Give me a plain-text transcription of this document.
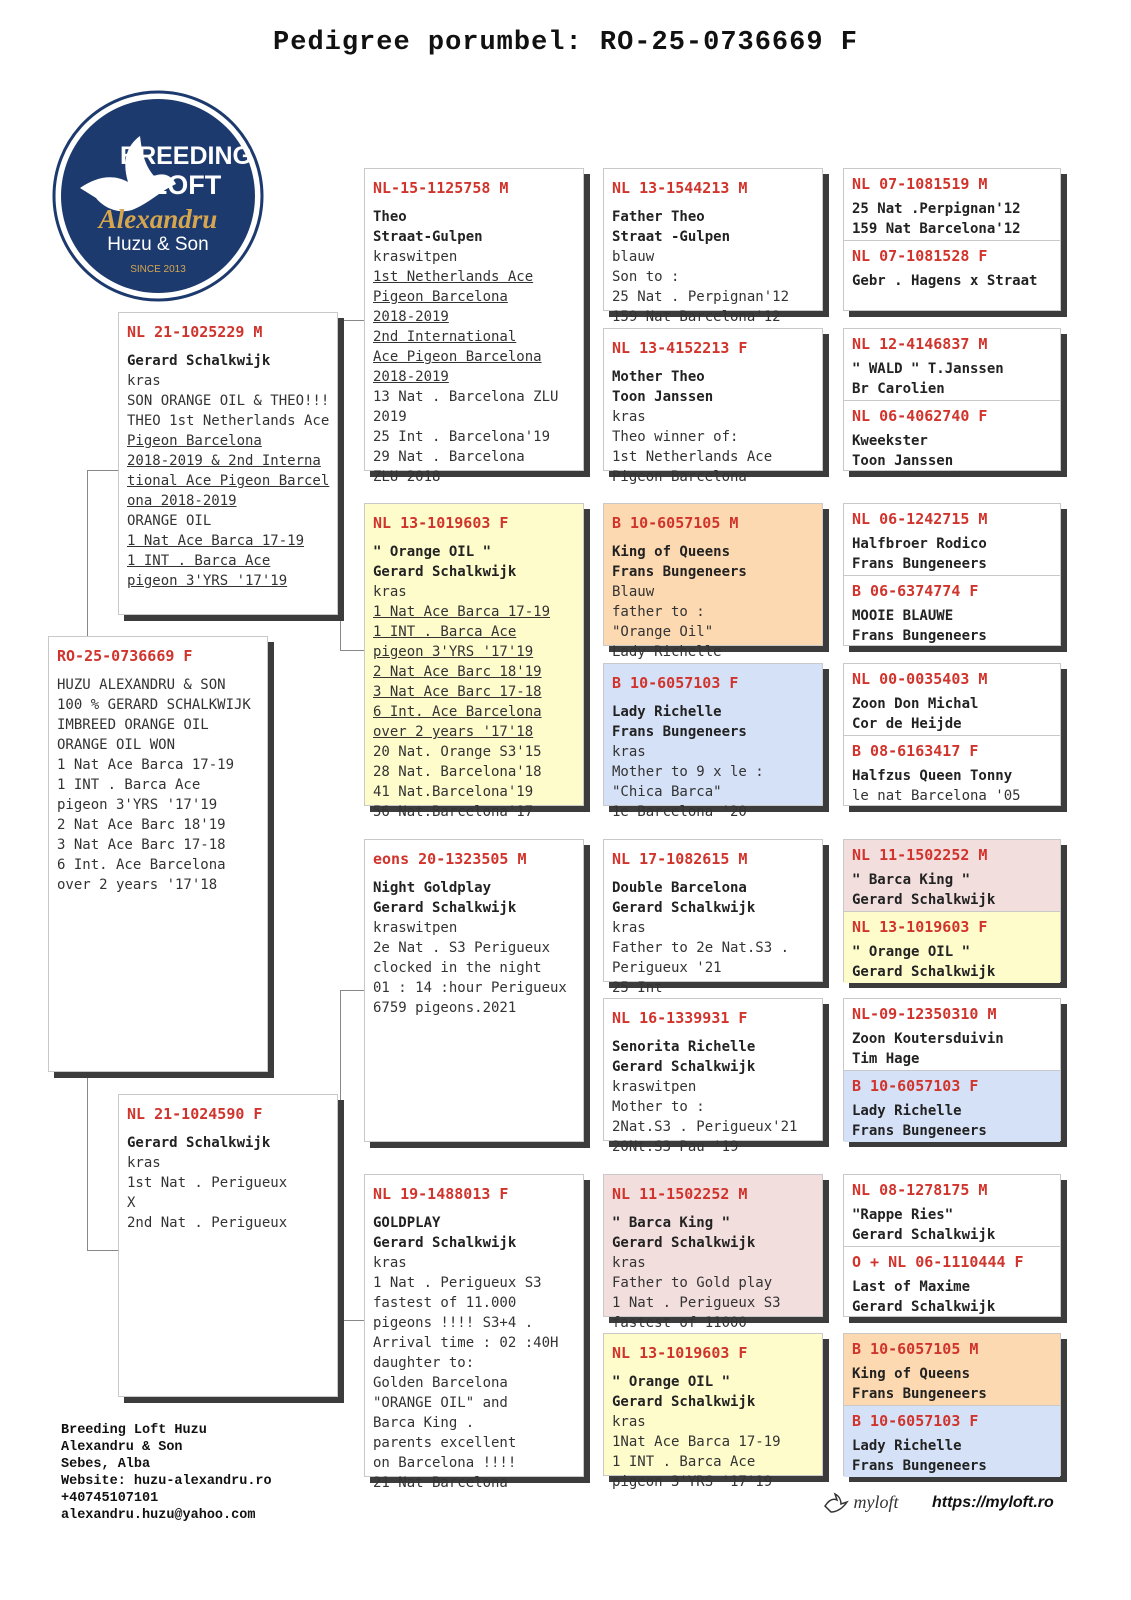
Pedigree porumbel: RO-25-0736669 F
BREEDING
LOFT
Alexandru
Huzu & Son
SINCE 2013
RO-25-0736669 F
HUZU ALEXANDRU & SON
100 % GERARD SCHALKWIJK
IMBREED ORANGE OIL
ORANGE OIL WON
1 Nat Ace Barca 17-19
1 INT . Barca Ace
pigeon 3'YRS '17'19
2 Nat Ace Barc 18'19
3 Nat Ace Barc 17-18
6 Int. Ace Barcelona
over 2 years '17'18
NL 21-1025229 M
Gerard Schalkwijk
kras
SON ORANGE OIL & THEO!!!
THEO 1st Netherlands Ace
Pigeon Barcelona
2018-2019 & 2nd Interna
tional Ace Pigeon Barcel
ona 2018-2019
ORANGE OIL
1 Nat Ace Barca 17-19
1 INT . Barca Ace
pigeon 3'YRS '17'19
NL 21-1024590 F
Gerard Schalkwijk
kras
1st Nat . Perigueux
X
2nd Nat . Perigueux
NL-15-1125758 M
Theo
Straat-Gulpen
kraswitpen
1st Netherlands Ace
Pigeon Barcelona
2018-2019
2nd International
Ace Pigeon Barcelona
2018-2019
13 Nat . Barcelona ZLU
2019
25 Int . Barcelona'19
29 Nat . Barcelona
ZLU 2018
NL 13-1019603 F
" Orange OIL "
Gerard Schalkwijk
kras
1 Nat Ace Barca 17-19
1 INT . Barca Ace
pigeon 3'YRS '17'19
2 Nat Ace Barc 18'19
3 Nat Ace Barc 17-18
6 Int. Ace Barcelona
over 2 years '17'18
20 Nat. Orange S3'15
28 Nat. Barcelona'18
41 Nat.Barcelona'19
56 Nat.Barcelona'17
eons 20-1323505 M
Night Goldplay
Gerard Schalkwijk
kraswitpen
2e Nat . S3 Perigueux
clocked in the night
01 : 14 :hour Perigueux
6759 pigeons.2021
NL 19-1488013 F
GOLDPLAY
Gerard Schalkwijk
kras
1 Nat . Perigueux S3
fastest of 11.000
pigeons !!!! S3+4 .
Arrival time : 02 :40H
daughter to:
Golden Barcelona
"ORANGE OIL" and
Barca King .
parents excellent
on Barcelona !!!!
21 Nat Barcelona
NL 13-1544213 M
Father Theo
Straat -Gulpen
blauw
Son to :
25 Nat . Perpignan'12
159 Nat Barcelona'12
NL 13-4152213 F
Mother Theo
Toon Janssen
kras
Theo winner of:
1st Netherlands Ace
Pigeon Barcelona
B 10-6057105 M
King of Queens
Frans Bungeneers
Blauw
father to :
"Orange Oil"
Lady Richelle
B 10-6057103 F
Lady Richelle
Frans Bungeneers
kras
Mother to 9 x le :
"Chica Barca"
1e Barcelona '20
NL 17-1082615 M
Double Barcelona
Gerard Schalkwijk
kras
Father to 2e Nat.S3 .
Perigueux '21
25 Int
NL 16-1339931 F
Senorita Richelle
Gerard Schalkwijk
kraswitpen
Mother to :
2Nat.S3 . Perigueux'21
20Nt.S3 Pau '19
NL 11-1502252 M
" Barca King "
Gerard Schalkwijk
kras
Father to Gold play
1 Nat . Perigueux S3
fastest of 11000
NL 13-1019603 F
" Orange OIL "
Gerard Schalkwijk
kras
1Nat Ace Barca 17-19
1 INT . Barca Ace
pigeon 3'YRS '17'19
NL 07-1081519 M
25 Nat .Perpignan'12
159 Nat Barcelona'12
NL 07-1081528 F
Gebr . Hagens x Straat
NL 12-4146837 M
" WALD " T.Janssen
Br Carolien
NL 06-4062740 F
Kweekster
Toon Janssen
NL 06-1242715 M
Halfbroer Rodico
Frans Bungeneers
B 06-6374774 F
MOOIE BLAUWE
Frans Bungeneers
NL 00-0035403 M
Zoon Don Michal
Cor de Heijde
B 08-6163417 F
Halfzus Queen Tonny
le nat Barcelona '05
NL 11-1502252 M
" Barca King "
Gerard Schalkwijk
NL 13-1019603 F
" Orange OIL "
Gerard Schalkwijk
NL-09-12350310 M
Zoon Koutersduivin
Tim Hage
B 10-6057103 F
Lady Richelle
Frans Bungeneers
NL 08-1278175 M
"Rappe Ries"
Gerard Schalkwijk
O + NL 06-1110444 F
Last of Maxime
Gerard Schalkwijk
B 10-6057105 M
King of Queens
Frans Bungeneers
B 10-6057103 F
Lady Richelle
Frans Bungeneers
Breeding Loft Huzu
Alexandru & Son
Sebes, Alba
Website: huzu-alexandru.ro
+40745107101
alexandru.huzu@yahoo.com
myloft https://myloft.ro
